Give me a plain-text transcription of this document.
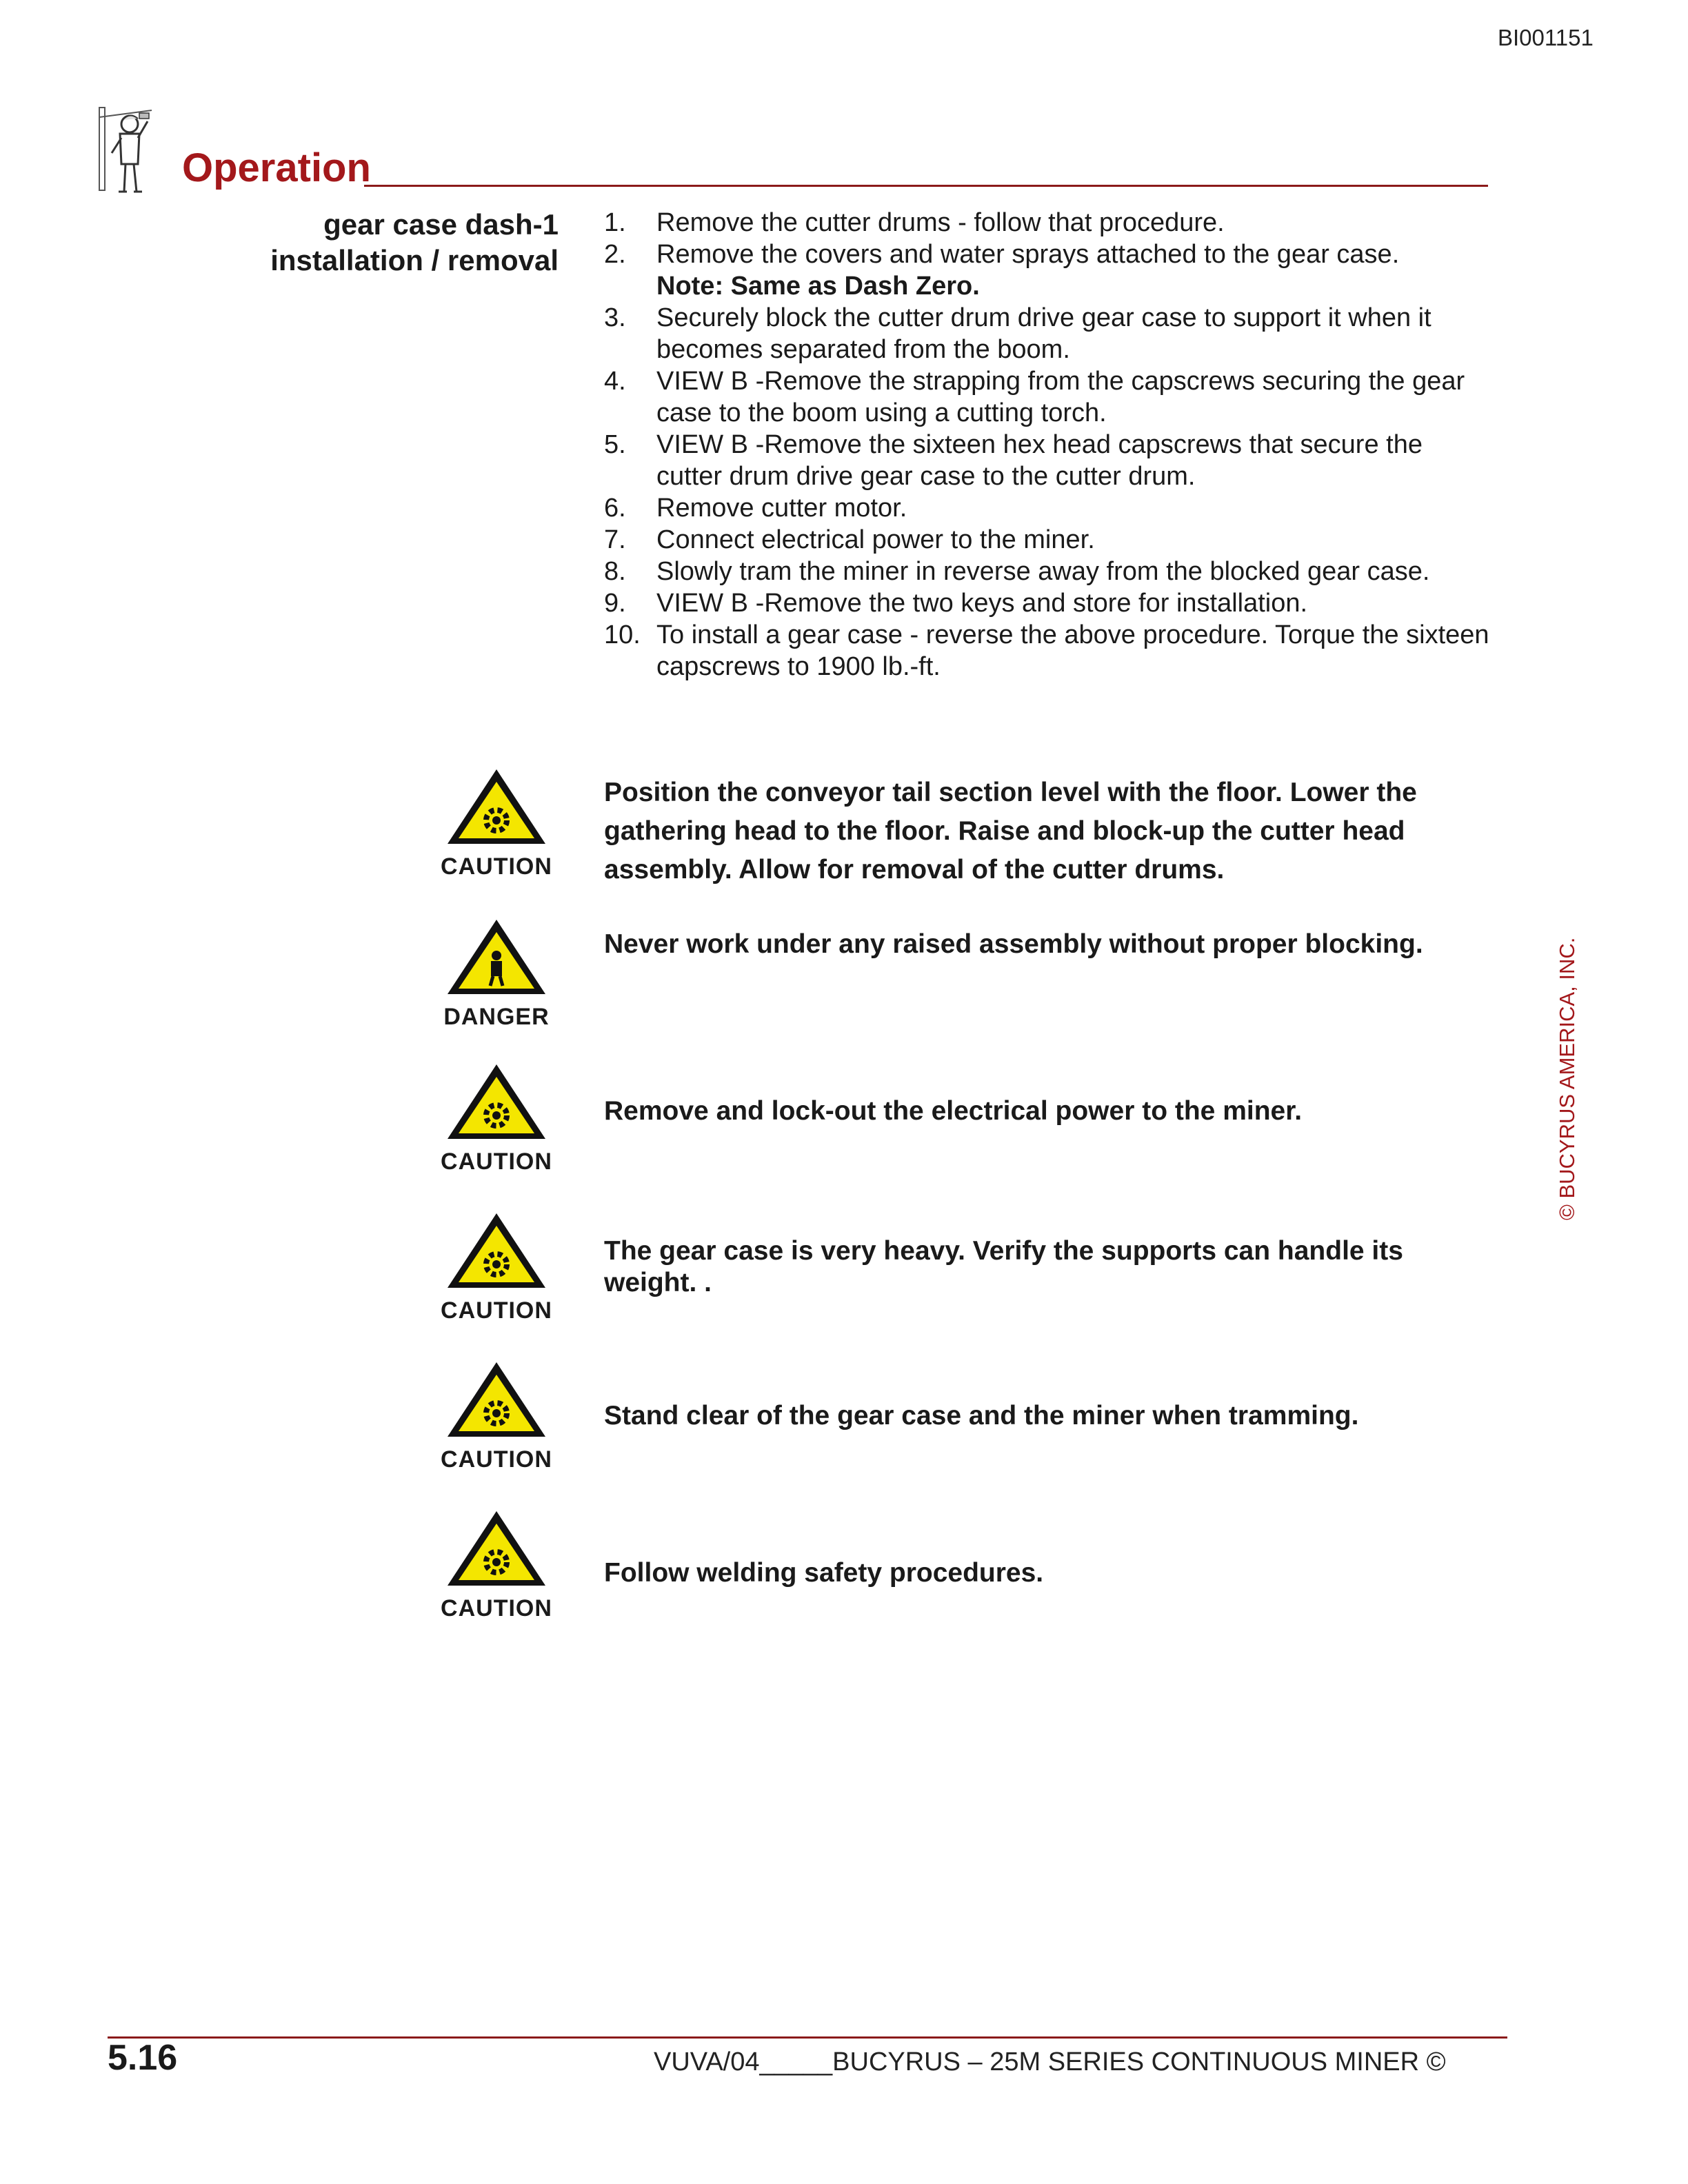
BI001151
Operation
gear case dash-1
installation / removal
1. Remove the cutter drums - follow that procedure.
2. Remove the covers and water sprays attached to the gear case.
Note: Same as Dash Zero.
3. Securely block the cutter drum drive gear case to support it when it becomes separated from the boom.
4. VIEW B -Remove the strapping from the capscrews securing the gear case to the boom using a cutting torch.
5. VIEW B -Remove the sixteen hex head capscrews that secure the cutter drum drive gear case to the cutter drum.
6. Remove cutter motor.
7. Connect electrical power to the miner.
8. Slowly tram the miner in reverse away from the blocked gear case.
9. VIEW B -Remove the two keys and store for installation.
10. To install a gear case - reverse the above procedure. Torque the sixteen capscrews to 1900 lb.-ft.
CAUTION
Position the conveyor tail section level with the floor. Lower the gathering head to the floor. Raise and block-up the cutter head assembly. Allow for removal of the cutter drums.
DANGER
Never work under any raised assembly without proper blocking.
CAUTION
Remove and lock-out the electrical power to the miner.
CAUTION
The gear case is very heavy. Verify the supports can handle its weight. .
CAUTION
Stand clear of the gear case and the miner when tramming.
CAUTION
Follow welding safety procedures.
© BUCYRUS AMERICA, INC.
5.16	VUVA/04_____BUCYRUS – 25M SERIES CONTINUOUS MINER ©
